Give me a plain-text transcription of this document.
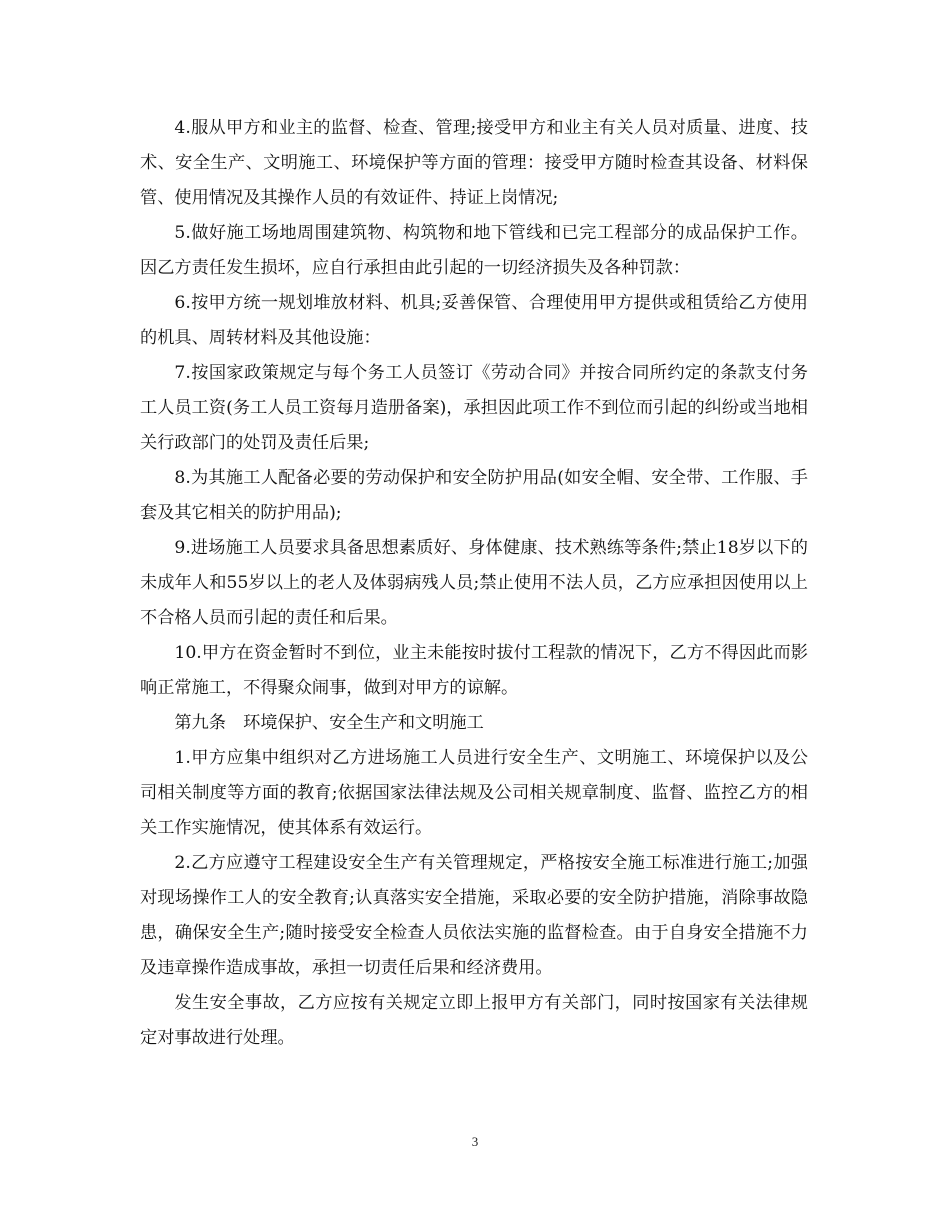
4.服从甲方和业主的监督、检查、管理;接受甲方和业主有关人员对质量、进度、技术、安全生产、文明施工、环境保护等方面的管理：接受甲方随时检查其设备、材料保管、使用情况及其操作人员的有效证件、持证上岗情况;

5.做好施工场地周围建筑物、构筑物和地下管线和已完工程部分的成品保护工作。因乙方责任发生损坏，应自行承担由此引起的一切经济损失及各种罚款：

6.按甲方统一规划堆放材料、机具;妥善保管、合理使用甲方提供或租赁给乙方使用的机具、周转材料及其他设施：

7.按国家政策规定与每个务工人员签订《劳动合同》并按合同所约定的条款支付务工人员工资(务工人员工资每月造册备案)，承担因此项工作不到位而引起的纠纷或当地相关行政部门的处罚及责任后果;

8.为其施工人配备必要的劳动保护和安全防护用品(如安全帽、安全带、工作服、手套及其它相关的防护用品);

9.进场施工人员要求具备思想素质好、身体健康、技术熟练等条件;禁止18岁以下的未成年人和55岁以上的老人及体弱病残人员;禁止使用不法人员，乙方应承担因使用以上不合格人员而引起的责任和后果。

10.甲方在资金暂时不到位，业主未能按时拔付工程款的情况下，乙方不得因此而影响正常施工，不得聚众闹事，做到对甲方的谅解。

第九条　环境保护、安全生产和文明施工

1.甲方应集中组织对乙方进场施工人员进行安全生产、文明施工、环境保护以及公司相关制度等方面的教育;依据国家法律法规及公司相关规章制度、监督、监控乙方的相关工作实施情况，使其体系有效运行。

2.乙方应遵守工程建设安全生产有关管理规定，严格按安全施工标准进行施工;加强对现场操作工人的安全教育;认真落实安全措施，采取必要的安全防护措施，消除事故隐患，确保安全生产;随时接受安全检查人员依法实施的监督检查。由于自身安全措施不力及违章操作造成事故，承担一切责任后果和经济费用。

发生安全事故，乙方应按有关规定立即上报甲方有关部门，同时按国家有关法律规定对事故进行处理。

3
